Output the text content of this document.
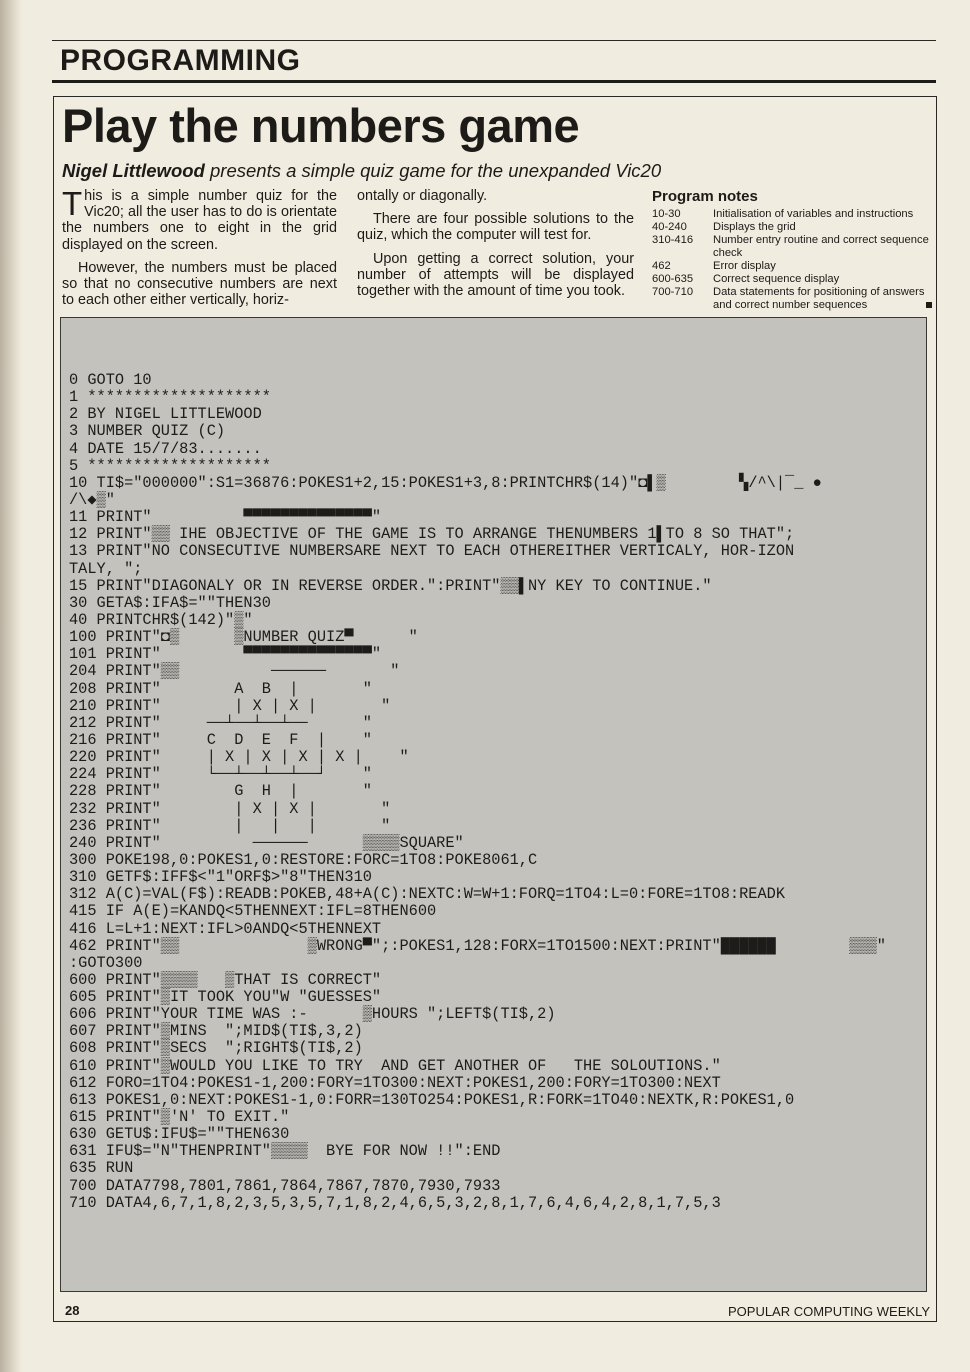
PROGRAMMING
Play the numbers game
Nigel Littlewood presents a simple quiz game for the unexpanded Vic20

This is a simple number quiz for the Vic20; all the user has to do is orientate the numbers one to eight in the grid displayed on the screen.

However, the numbers must be placed so that no consecutive numbers are next to each other either vertically, horiz-

ontally or diagonally.

There are four possible solutions to the quiz, which the computer will test for.

Upon getting a correct solution, your number of attempts will be displayed together with the amount of time you took.

Program notes
10-30	Initialisation of variables and instructions
40-240	Displays the grid
310-416	Number entry routine and correct sequence check
462	Error display
600-635	Correct sequence display
700-710	Data statements for positioning of answers and correct number sequences
0 GOTO 10
1 ********************
2 BY NIGEL LITTLEWOOD
3 NUMBER QUIZ (C)
4 DATE 15/7/83.......
5 ********************
10 TI$="000000":S1=36876:POKES1+2,15:POKES1+3,8:PRINTCHR$(14)"◘▌▒        ▚/^\|‾_ ●
/\◆▒"
11 PRINT"          ▀▀▀▀▀▀▀▀▀▀▀▀▀▀"
12 PRINT"▒▒ IHE OBJECTIVE OF THE GAME IS TO ARRANGE THENUMBERS 1▌TO 8 SO THAT";
13 PRINT"NO CONSECUTIVE NUMBERSARE NEXT TO EACH OTHEREITHER VERTICALY, HOR-IZON
TALY, ";
15 PRINT"DIAGONALY OR IN REVERSE ORDER.":PRINT"▒▒▌NY KEY TO CONTINUE."
30 GETA$:IFA$=""THEN30
40 PRINTCHR$(142)"▒"
100 PRINT"◘▒      ▒NUMBER QUIZ▀      "
101 PRINT"         ▀▀▀▀▀▀▀▀▀▀▀▀▀▀"
204 PRINT"▒▒          ──────       "
208 PRINT"        A  B  |       "
210 PRINT"        | X | X |       "
212 PRINT"     ──┴──┴──┴──      "
216 PRINT"     C  D  E  F  |    "
220 PRINT"     | X | X | X | X |    "
224 PRINT"     └──┴──┴──┴──┘    "
228 PRINT"        G  H  |       "
232 PRINT"        | X | X |       "
236 PRINT"        |   |   |       "
240 PRINT"          ──────      ▒▒▒▒SQUARE"
300 POKE198,0:POKES1,0:RESTORE:FORC=1TO8:POKE8061,C
310 GETF$:IFF$<"1"ORF$>"8"THEN310
312 A(C)=VAL(F$):READB:POKEB,48+A(C):NEXTC:W=W+1:FORQ=1TO4:L=0:FORE=1TO8:READK
415 IF A(E)=KANDQ<5THENNEXT:IFL=8THEN600
416 L=L+1:NEXT:IFL>0ANDQ<5THENNEXT
462 PRINT"▒▒              ▒WRONG▀";:POKES1,128:FORX=1TO1500:NEXT:PRINT"██████        ▒▒▒"
:GOTO300
600 PRINT"▒▒▒▒   ▒THAT IS CORRECT"
605 PRINT"▒IT TOOK YOU"W "GUESSES"
606 PRINT"YOUR TIME WAS :-      ▒HOURS ";LEFT$(TI$,2)
607 PRINT"▒MINS  ";MID$(TI$,3,2)
608 PRINT"▒SECS  ";RIGHT$(TI$,2)
610 PRINT"▒WOULD YOU LIKE TO TRY  AND GET ANOTHER OF   THE SOLOUTIONS."
612 FORO=1TO4:POKES1-1,200:FORY=1TO300:NEXT:POKES1,200:FORY=1TO300:NEXT
613 POKES1,0:NEXT:POKES1-1,0:FORR=130TO254:POKES1,R:FORK=1TO40:NEXTK,R:POKES1,0
615 PRINT"▒'N' TO EXIT."
630 GETU$:IFU$=""THEN630
631 IFU$="N"THENPRINT"▒▒▒▒  BYE FOR NOW !!":END
635 RUN
700 DATA7798,7801,7861,7864,7867,7870,7930,7933
710 DATA4,6,7,1,8,2,3,5,3,5,7,1,8,2,4,6,5,3,2,8,1,7,6,4,6,4,2,8,1,7,5,3
28	POPULAR COMPUTING WEEKLY
